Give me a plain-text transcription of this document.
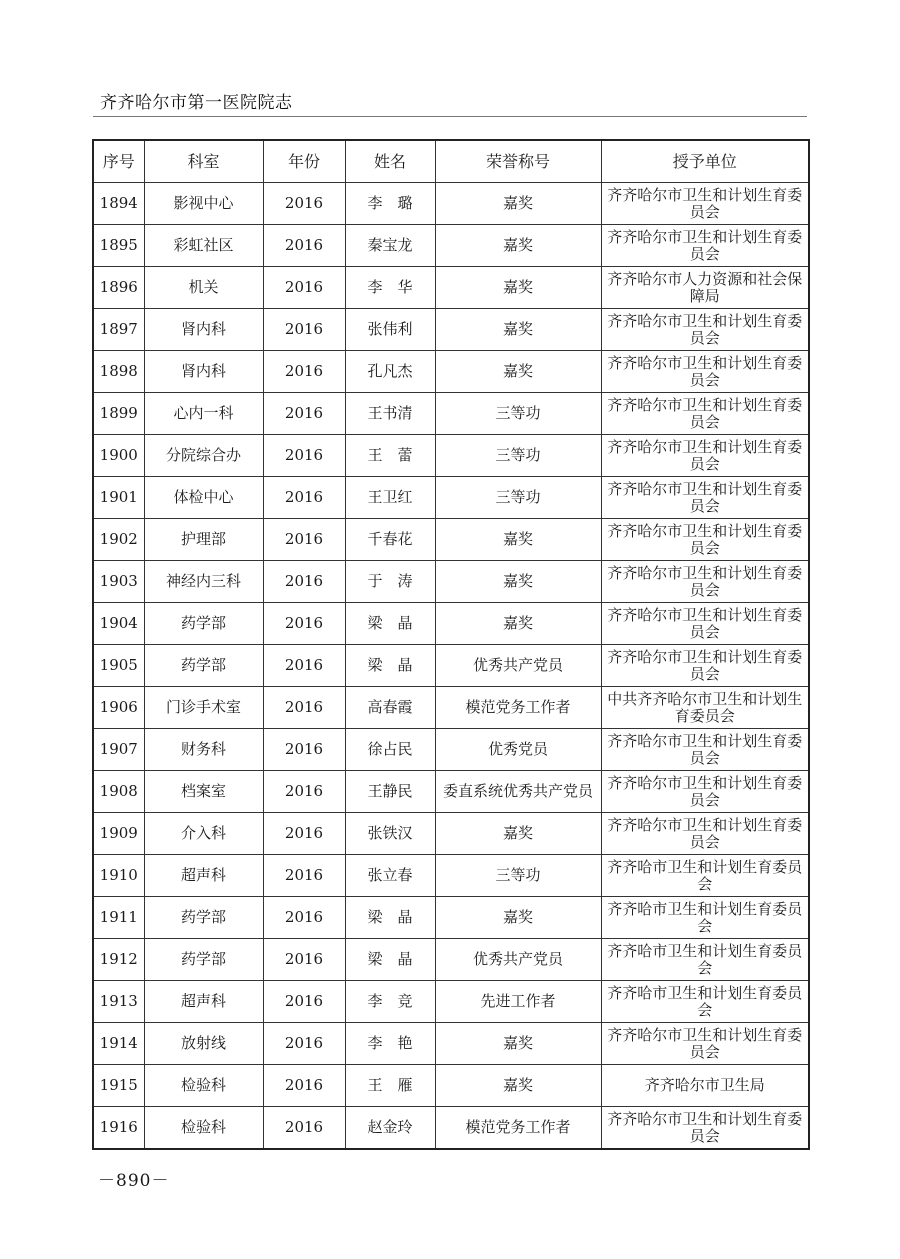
齐齐哈尔市第一医院院志
序号	科室	年份	姓名	荣誉称号	授予单位
1894	影视中心	2016	李　璐	嘉奖	齐齐哈尔市卫生和计划生育委员会
1895	彩虹社区	2016	秦宝龙	嘉奖	齐齐哈尔市卫生和计划生育委员会
1896	机关	2016	李　华	嘉奖	齐齐哈尔市人力资源和社会保障局
1897	肾内科	2016	张伟利	嘉奖	齐齐哈尔市卫生和计划生育委员会
1898	肾内科	2016	孔凡杰	嘉奖	齐齐哈尔市卫生和计划生育委员会
1899	心内一科	2016	王书清	三等功	齐齐哈尔市卫生和计划生育委员会
1900	分院综合办	2016	王　蕾	三等功	齐齐哈尔市卫生和计划生育委员会
1901	体检中心	2016	王卫红	三等功	齐齐哈尔市卫生和计划生育委员会
1902	护理部	2016	千春花	嘉奖	齐齐哈尔市卫生和计划生育委员会
1903	神经内三科	2016	于　涛	嘉奖	齐齐哈尔市卫生和计划生育委员会
1904	药学部	2016	梁　晶	嘉奖	齐齐哈尔市卫生和计划生育委员会
1905	药学部	2016	梁　晶	优秀共产党员	齐齐哈尔市卫生和计划生育委员会
1906	门诊手术室	2016	高春霞	模范党务工作者	中共齐齐哈尔市卫生和计划生育委员会
1907	财务科	2016	徐占民	优秀党员	齐齐哈尔市卫生和计划生育委员会
1908	档案室	2016	王静民	委直系统优秀共产党员	齐齐哈尔市卫生和计划生育委员会
1909	介入科	2016	张铁汉	嘉奖	齐齐哈尔市卫生和计划生育委员会
1910	超声科	2016	张立春	三等功	齐齐哈市卫生和计划生育委员会
1911	药学部	2016	梁　晶	嘉奖	齐齐哈市卫生和计划生育委员会
1912	药学部	2016	梁　晶	优秀共产党员	齐齐哈市卫生和计划生育委员会
1913	超声科	2016	李　竞	先进工作者	齐齐哈市卫生和计划生育委员会
1914	放射线	2016	李　艳	嘉奖	齐齐哈尔市卫生和计划生育委员会
1915	检验科	2016	王　雁	嘉奖	齐齐哈尔市卫生局
1916	检验科	2016	赵金玲	模范党务工作者	齐齐哈尔市卫生和计划生育委员会
－890－
